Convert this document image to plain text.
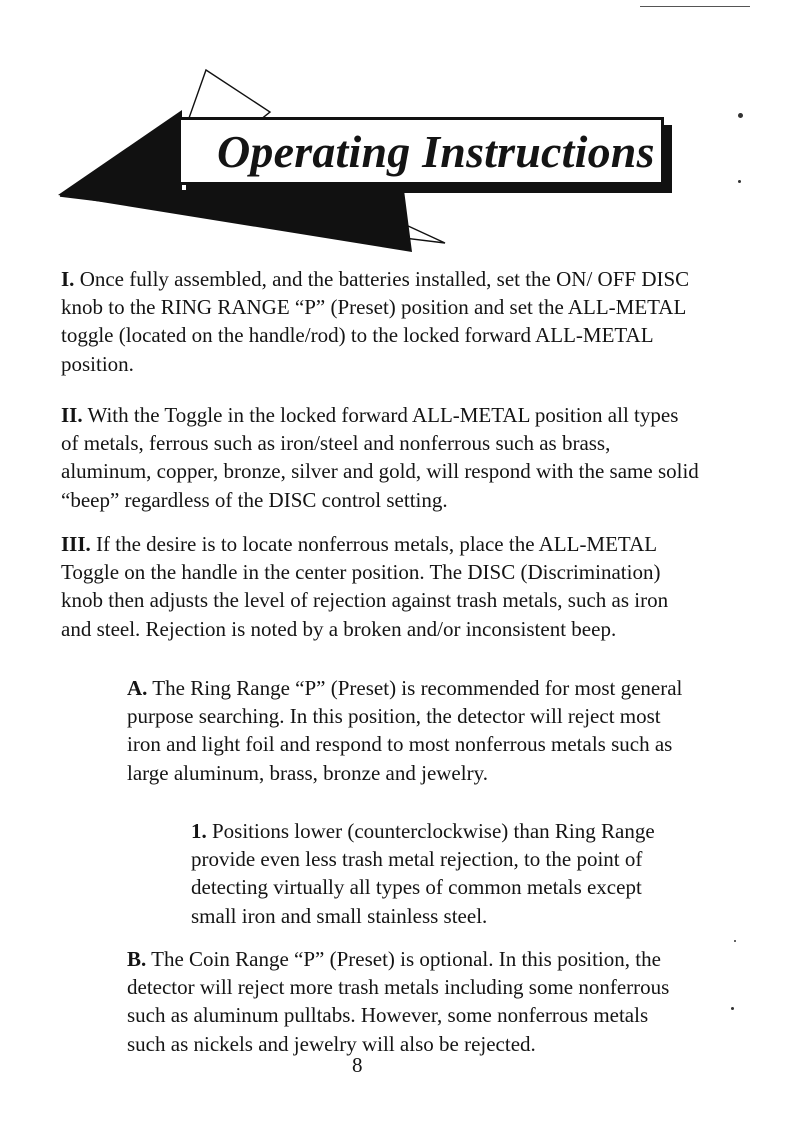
Operating Instructions

I. Once fully assembled, and the batteries installed, set the ON/ OFF DISC knob to the RING RANGE “P” (Preset) position and set the ALL-METAL toggle (located on the handle/rod) to the locked forward ALL-METAL position.

II. With the Toggle in the locked forward ALL-METAL position all types of metals, ferrous such as iron/steel and nonferrous such as brass, aluminum, copper, bronze, silver and gold, will respond with the same solid “beep” regardless of the DISC control setting.

III. If the desire is to locate nonferrous metals, place the ALL-METAL Toggle on the handle in the center position. The DISC (Discrimination) knob then adjusts the level of rejection against trash metals, such as iron and steel. Rejection is noted by a broken and/or inconsistent beep.

A. The Ring Range “P” (Preset) is recommended for most general purpose searching. In this position, the detector will reject most iron and light foil and respond to most nonferrous metals such as large aluminum, brass, bronze and jewelry.

1. Positions lower (counterclockwise) than Ring Range provide even less trash metal rejection, to the point of detecting virtually all types of common metals except small iron and small stainless steel.

B. The Coin Range “P” (Preset) is optional. In this position, the detector will reject more trash metals including some nonferrous such as aluminum pulltabs. However, some nonferrous metals such as nickels and jewelry will also be rejected.

8
